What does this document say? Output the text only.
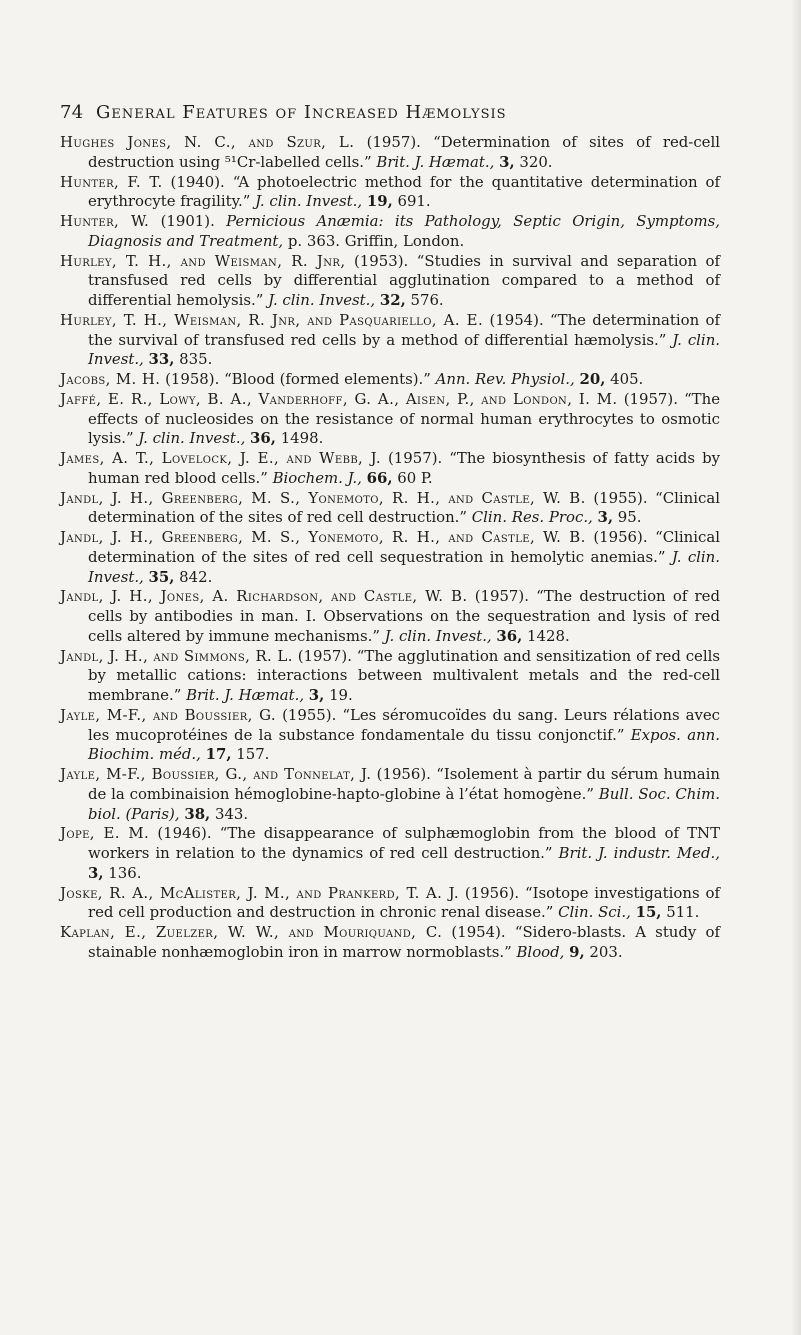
74 General Features of Increased Hæmolysis

Hughes Jones, N. C., and Szur, L. (1957). “Determination of sites of red-cell destruction using ⁵¹Cr-labelled cells.” Brit. J. Hæmat., 3, 320.

Hunter, F. T. (1940). “A photoelectric method for the quantitative determination of erythrocyte fragility.” J. clin. Invest., 19, 691.

Hunter, W. (1901). Pernicious Anæmia: its Pathology, Septic Origin, Symptoms, Diagnosis and Treatment, p. 363. Griffin, London.

Hurley, T. H., and Weisman, R. Jnr, (1953). “Studies in survival and separation of transfused red cells by differential agglutination compared to a method of differential hemolysis.” J. clin. Invest., 32, 576.

Hurley, T. H., Weisman, R. Jnr, and Pasquariello, A. E. (1954). “The determination of the survival of transfused red cells by a method of differential hæmolysis.” J. clin. Invest., 33, 835.

Jacobs, M. H. (1958). “Blood (formed elements).” Ann. Rev. Physiol., 20, 405.

Jaffé, E. R., Lowy, B. A., Vanderhoff, G. A., Aisen, P., and London, I. M. (1957). “The effects of nucleosides on the resistance of normal human erythrocytes to osmotic lysis.” J. clin. Invest., 36, 1498.

James, A. T., Lovelock, J. E., and Webb, J. (1957). “The biosynthesis of fatty acids by human red blood cells.” Biochem. J., 66, 60 P.

Jandl, J. H., Greenberg, M. S., Yonemoto, R. H., and Castle, W. B. (1955). “Clinical determination of the sites of red cell destruction.” Clin. Res. Proc., 3, 95.

Jandl, J. H., Greenberg, M. S., Yonemoto, R. H., and Castle, W. B. (1956). “Clinical determination of the sites of red cell sequestration in hemolytic anemias.” J. clin. Invest., 35, 842.

Jandl, J. H., Jones, A. Richardson, and Castle, W. B. (1957). “The destruction of red cells by antibodies in man. I. Observations on the sequestration and lysis of red cells altered by immune mechanisms.” J. clin. Invest., 36, 1428.

Jandl, J. H., and Simmons, R. L. (1957). “The agglutination and sensitization of red cells by metallic cations: interactions between multivalent metals and the red-cell membrane.” Brit. J. Hæmat., 3, 19.

Jayle, M-F., and Boussier, G. (1955). “Les séromucoïdes du sang. Leurs rélations avec les mucoprotéines de la substance fondamentale du tissu conjonctif.” Expos. ann. Biochim. méd., 17, 157.

Jayle, M-F., Boussier, G., and Tonnelat, J. (1956). “Isolement à partir du sérum humain de la combinaision hémoglobine-hapto-globine à l’état homogène.” Bull. Soc. Chim. biol. (Paris), 38, 343.

Jope, E. M. (1946). “The disappearance of sulphæmoglobin from the blood of TNT workers in relation to the dynamics of red cell destruction.” Brit. J. industr. Med., 3, 136.

Joske, R. A., McAlister, J. M., and Prankerd, T. A. J. (1956). “Isotope investigations of red cell production and destruction in chronic renal disease.” Clin. Sci., 15, 511.

Kaplan, E., Zuelzer, W. W., and Mouriquand, C. (1954). “Sidero-blasts. A study of stainable nonhæmoglobin iron in marrow normoblasts.” Blood, 9, 203.
